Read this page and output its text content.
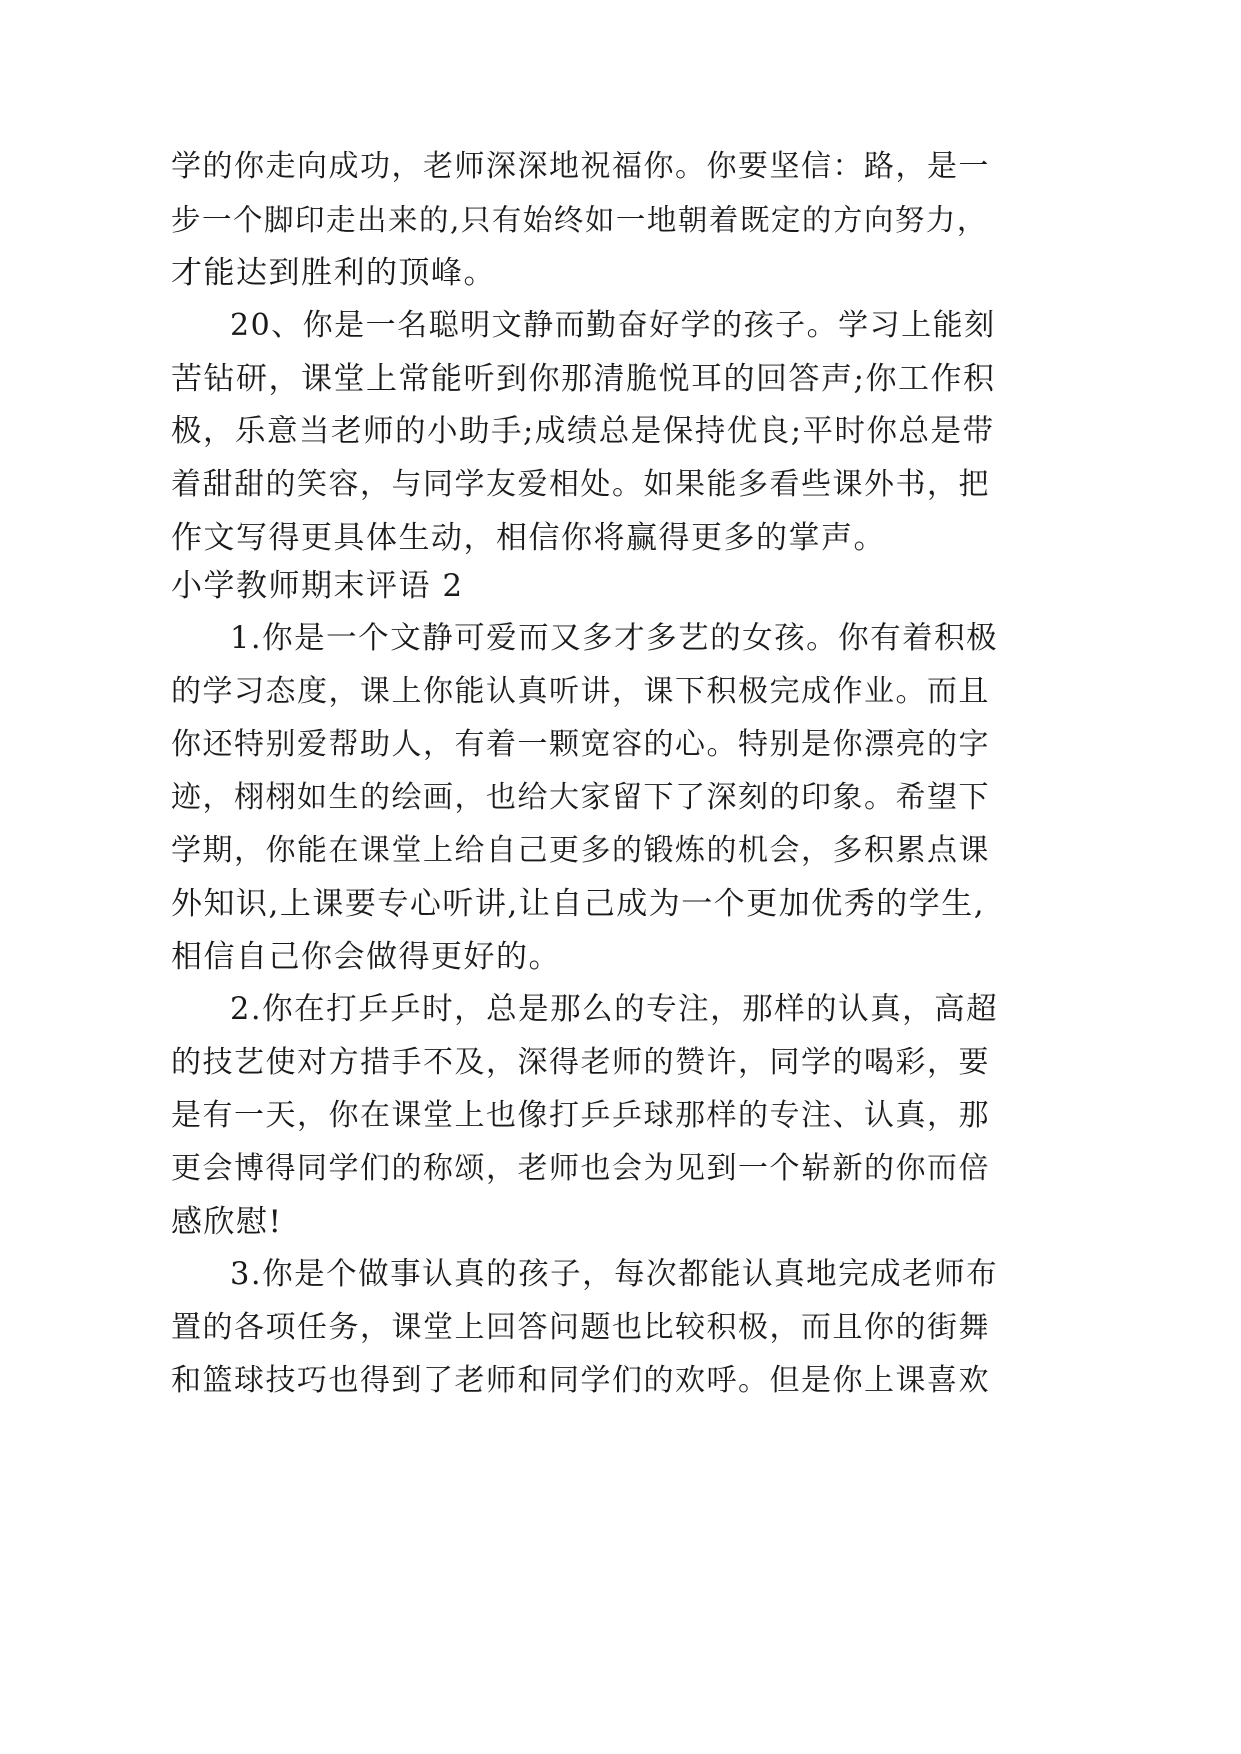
学的你走向成功，老师深深地祝福你。你要坚信：路，是一
步一个脚印走出来的,只有始终如一地朝着既定的方向努力，
才能达到胜利的顶峰。
20、你是一名聪明文静而勤奋好学的孩子。学习上能刻
苦钻研，课堂上常能听到你那清脆悦耳的回答声;你工作积
极，乐意当老师的小助手;成绩总是保持优良;平时你总是带
着甜甜的笑容，与同学友爱相处。如果能多看些课外书，把
作文写得更具体生动，相信你将赢得更多的掌声。
小学教师期末评语 2
1.你是一个文静可爱而又多才多艺的女孩。你有着积极
的学习态度，课上你能认真听讲，课下积极完成作业。而且
你还特别爱帮助人，有着一颗宽容的心。特别是你漂亮的字
迹，栩栩如生的绘画，也给大家留下了深刻的印象。希望下
学期，你能在课堂上给自己更多的锻炼的机会，多积累点课
外知识,上课要专心听讲,让自己成为一个更加优秀的学生,
相信自己你会做得更好的。
2.你在打乒乒时，总是那么的专注，那样的认真，高超
的技艺使对方措手不及，深得老师的赞许，同学的喝彩，要
是有一天，你在课堂上也像打乒乒球那样的专注、认真，那
更会博得同学们的称颂，老师也会为见到一个崭新的你而倍
感欣慰!
3.你是个做事认真的孩子，每次都能认真地完成老师布
置的各项任务，课堂上回答问题也比较积极，而且你的街舞
和篮球技巧也得到了老师和同学们的欢呼。但是你上课喜欢
